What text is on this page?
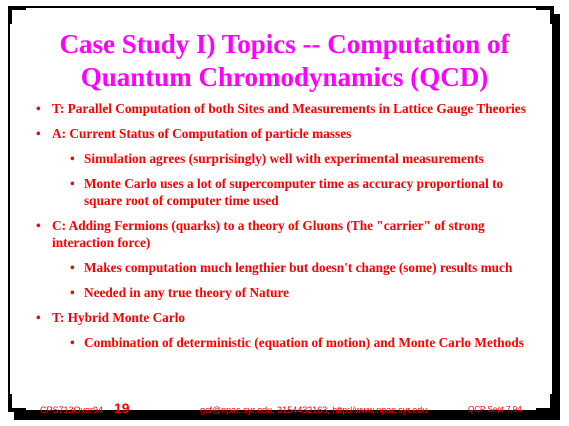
Case Study I) Topics -- Computation of
Quantum Chromodynamics (QCD)
• T: Parallel Computation of both Sites and Measurements in Lattice Gauge Theories
• A: Current Status of Computation of particle masses
• Simulation agrees (surprisingly) well with experimental measurements
• Monte Carlo uses a lot of supercomputer time as accuracy proportional to square root of computer time used
• C: Adding Fermions (quarks) to a theory of Gluons (The "carrier" of strong interaction force)
• Makes computation much lengthier but doesn't change (some) results much
• Needed in any true theory of Nature
• T: Hybrid Monte Carlo
• Combination of deterministic (equation of motion) and Monte Carlo Methods
CPS713Over94 19	gcf@npac.syr.edu, 3154432163, http://www.npac.syr.edu	QCP Sept 7,94
